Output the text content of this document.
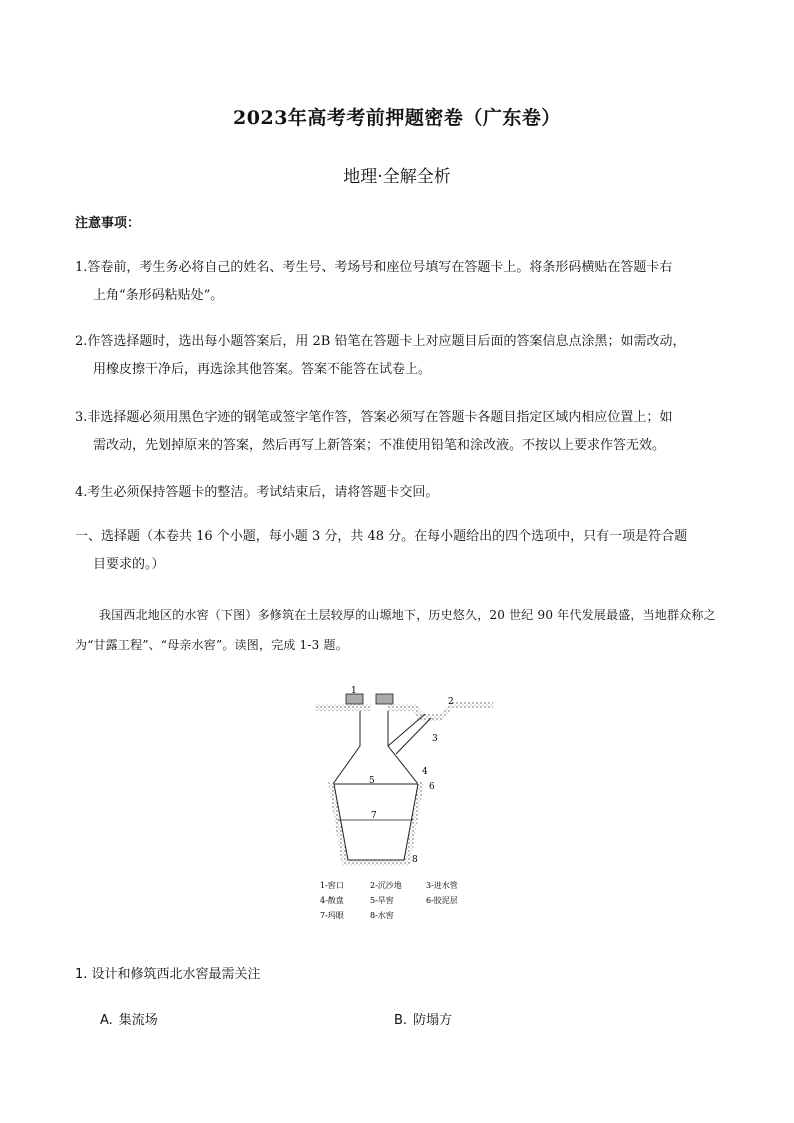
2023年高考考前押题密卷（广东卷）
地理·全解全析
注意事项：
1.答卷前，考生务必将自己的姓名、考生号、考场号和座位号填写在答题卡上。将条形码横贴在答题卡右
上角“条形码粘贴处”。
2.作答选择题时，选出每小题答案后，用 2B 铅笔在答题卡上对应题目后面的答案信息点涂黑；如需改动，
用橡皮擦干净后，再选涂其他答案。答案不能答在试卷上。
3.非选择题必须用黑色字迹的钢笔或签字笔作答，答案必须写在答题卡各题目指定区域内相应位置上；如
需改动，先划掉原来的答案，然后再写上新答案；不准使用铅笔和涂改液。不按以上要求作答无效。
4.考生必须保持答题卡的整洁。考试结束后，请将答题卡交回。
一、选择题（本卷共 16 个小题，每小题 3 分，共 48 分。在每小题给出的四个选项中，只有一项是符合题
目要求的。）
我国西北地区的水窖（下图）多修筑在土层较厚的山塬地下，历史悠久，20 世纪 90 年代发展最盛，当地群众称之为“甘露工程”、“母亲水窖”。读图，完成 1-3 题。
1
2
3
4
5
6
7
8
1-窖口	2-沉沙地	3-进水管
4-散盘	5-旱窖	6-胶泥层
7-玛眼	8-水窖
1. 设计和修筑西北水窖最需关注
A. 集流场	B. 防塌方
